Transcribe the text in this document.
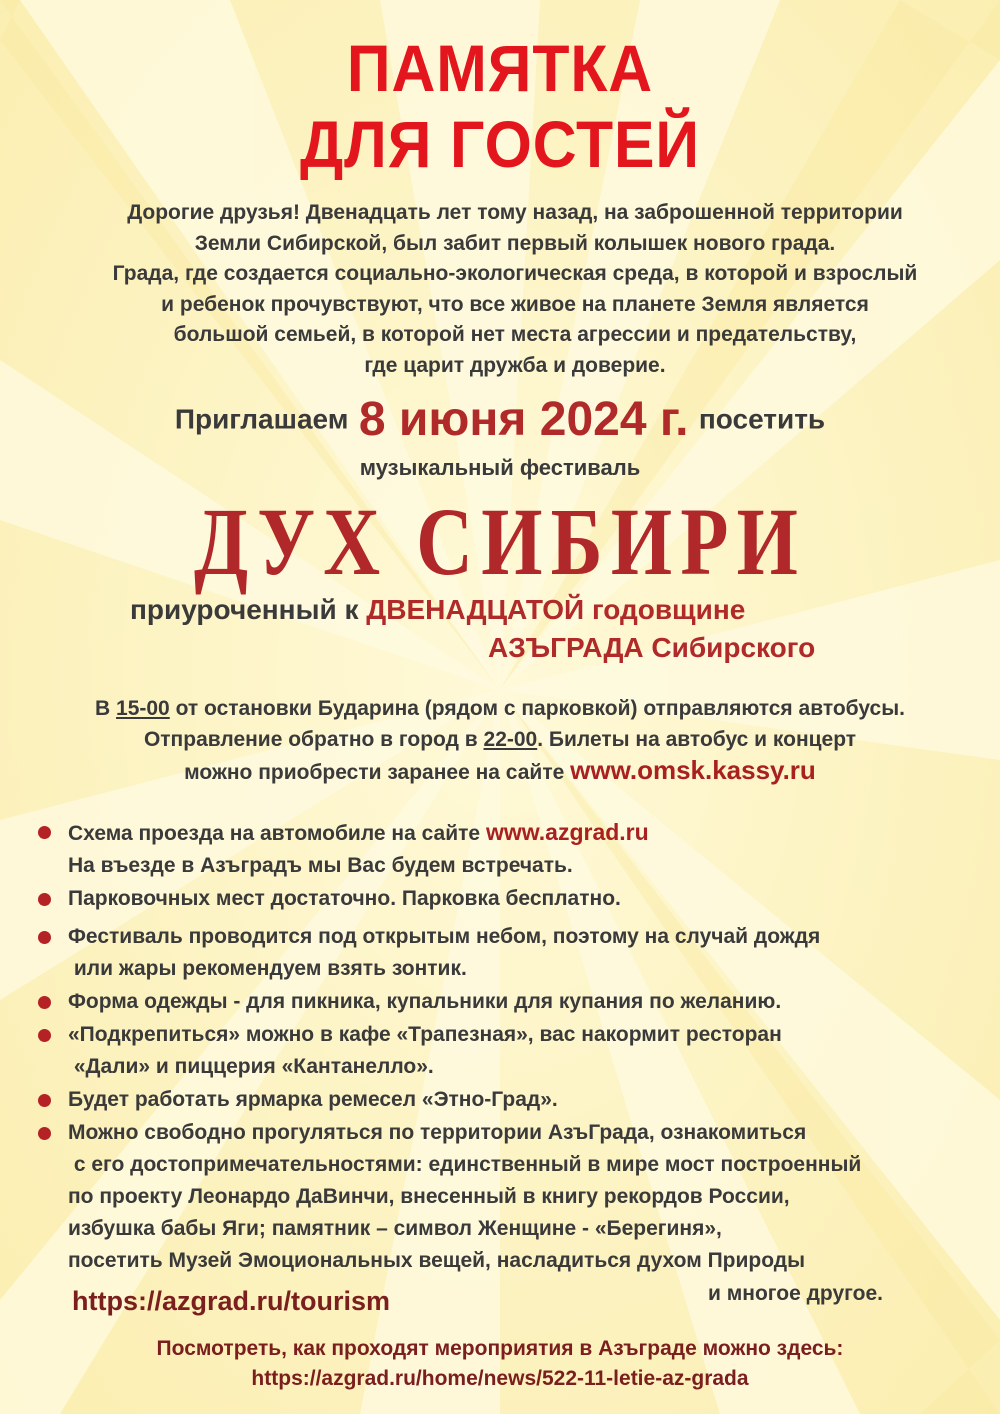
ПАМЯТКА
ДЛЯ ГОСТЕЙ
Дорогие друзья! Двенадцать лет тому назад, на заброшенной территории
Земли Сибирской, был забит первый колышек нового града.
Града, где создается социально-экологическая среда, в которой и взрослый
и ребенок прочувствуют, что все живое на планете Земля является
большой семьей, в которой нет места агрессии и предательству,
где царит дружба и доверие.
Приглашаем 8 июня 2024 г. посетить
музыкальный фестиваль
ДУХ СИБИРИ
приуроченный к ДВЕНАДЦАТОЙ годовщине
АЗЪГРАДА Сибирского
В 15-00 от остановки Бударина (рядом с парковкой) отправляются автобусы.
Отправление обратно в город в 22-00. Билеты на автобус и концерт
можно приобрести заранее на сайте www.omsk.kassy.ru
Схема проезда на автомобиле на сайте www.azgrad.ru
На въезде в Азъградъ мы Вас будем встречать.
Парковочных мест достаточно. Парковка бесплатно.
Фестиваль проводится под открытым небом, поэтому на случай дождя
или жары рекомендуем взять зонтик.
Форма одежды - для пикника, купальники для купания по желанию.
«Подкрепиться» можно в кафе «Трапезная», вас накормит ресторан
«Дали» и пиццерия «Кантанелло».
Будет работать ярмарка ремесел «Этно-Град».
Можно свободно прогуляться по территории АзъГрада, ознакомиться
с его достопримечательностями: единственный в мире мост построенный
по проекту Леонардо ДаВинчи, внесенный в книгу рекордов России,
избушка бабы Яги; памятник – символ Женщине - «Берегиня»,
посетить Музей Эмоциональных вещей, насладиться духом Природы
https://azgrad.ru/tourism	и многое другое.
Посмотреть, как проходят мероприятия в Азъграде можно здесь:
https://azgrad.ru/home/news/522-11-letie-az-grada
